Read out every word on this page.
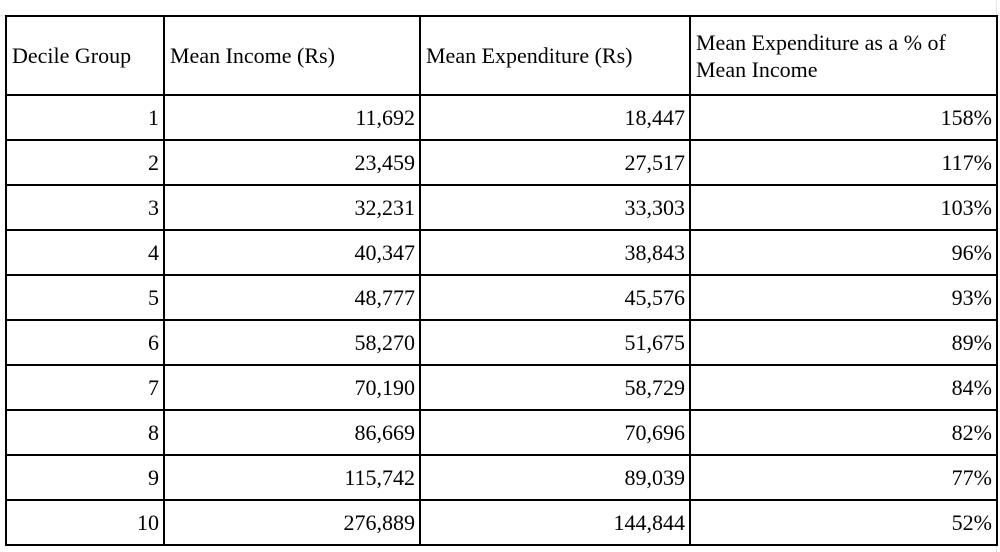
Decile Group	Mean Income (Rs)	Mean Expenditure (Rs)	Mean Expenditure as a % of Mean Income
1	11,692	18,447	158%
2	23,459	27,517	117%
3	32,231	33,303	103%
4	40,347	38,843	96%
5	48,777	45,576	93%
6	58,270	51,675	89%
7	70,190	58,729	84%
8	86,669	70,696	82%
9	115,742	89,039	77%
10	276,889	144,844	52%
